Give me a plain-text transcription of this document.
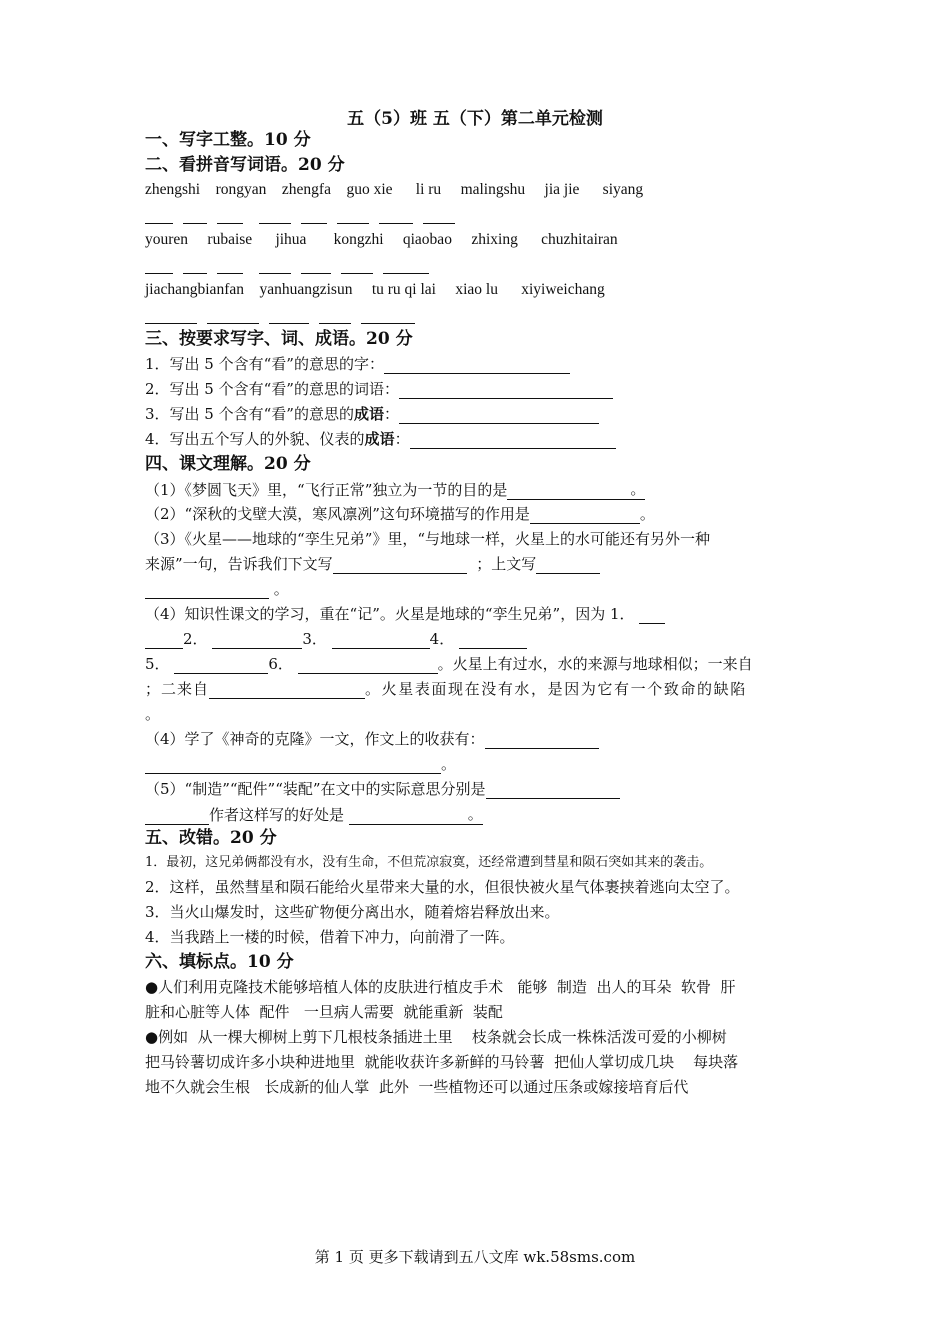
五（5）班 五（下）第二单元检测
一、写字工整。10 分
二、看拼音写词语。20 分
zhengshi rongyan zhengfa guo xie li ru malingshu jia jie siyang
youren rubaise jihua kongzhi qiaobao zhixing chuzhitairan
jiachangbianfan yanhuangzisun tu ru qi lai xiao lu xiyiweichang
三、按要求写字、词、成语。20 分
1．写出 5 个含有“看”的意思的字：
2．写出 5 个含有“看”的意思的词语：
3．写出 5 个含有“看”的意思的成语：
4．写出五个写人的外貌、仪表的成语：
四、课文理解。20 分
（1）《梦圆飞天》里，“飞行正常”独立为一节的目的是	。
（2）“深秋的戈壁大漠，寒风凛冽”这句环境描写的作用是	。
（3）《火星——地球的“孪生兄弟”》里，“与地球一样，火星上的水可能还有另外一种
来源”一句，告诉我们下文写	；上文写
。
（4）知识性课文的学习，重在“记”。火星是地球的“孪生兄弟”，因为 1．
2．	3．	4．
5．	6．	。火星上有过水，水的来源与地球相似；一来自
；二来自	。火星表面现在没有水，是因为它有一个致命的缺陷
。
（4）学了《神奇的克隆》一文，作文上的收获有：
。
（5）“制造”“配件”“装配”在文中的实际意思分别是
作者这样写的好处是	。
五、改错。20 分
1．最初，这兄弟俩都没有水，没有生命，不但荒凉寂寞，还经常遭到彗星和陨石突如其来的袭击。
2．这样，虽然彗星和陨石能给火星带来大量的水，但很快被火星气体裹挟着逃向太空了。
3．当火山爆发时，这些矿物便分离出水，随着熔岩释放出来。
4．当我踏上一楼的时候，借着下冲力，向前滑了一阵。
六、填标点。10 分
●人们利用克隆技术能够培植人体的皮肤进行植皮手术   能够  制造  出人的耳朵  软骨  肝
脏和心脏等人体  配件   一旦病人需要  就能重新  装配
●例如  从一棵大柳树上剪下几根枝条插进土里    枝条就会长成一株株活泼可爱的小柳树
把马铃薯切成许多小块种进地里  就能收获许多新鲜的马铃薯  把仙人掌切成几块    每块落
地不久就会生根   长成新的仙人掌  此外  一些植物还可以通过压条或嫁接培育后代
第 1 页 更多下载请到五八文库 wk.58sms.com
